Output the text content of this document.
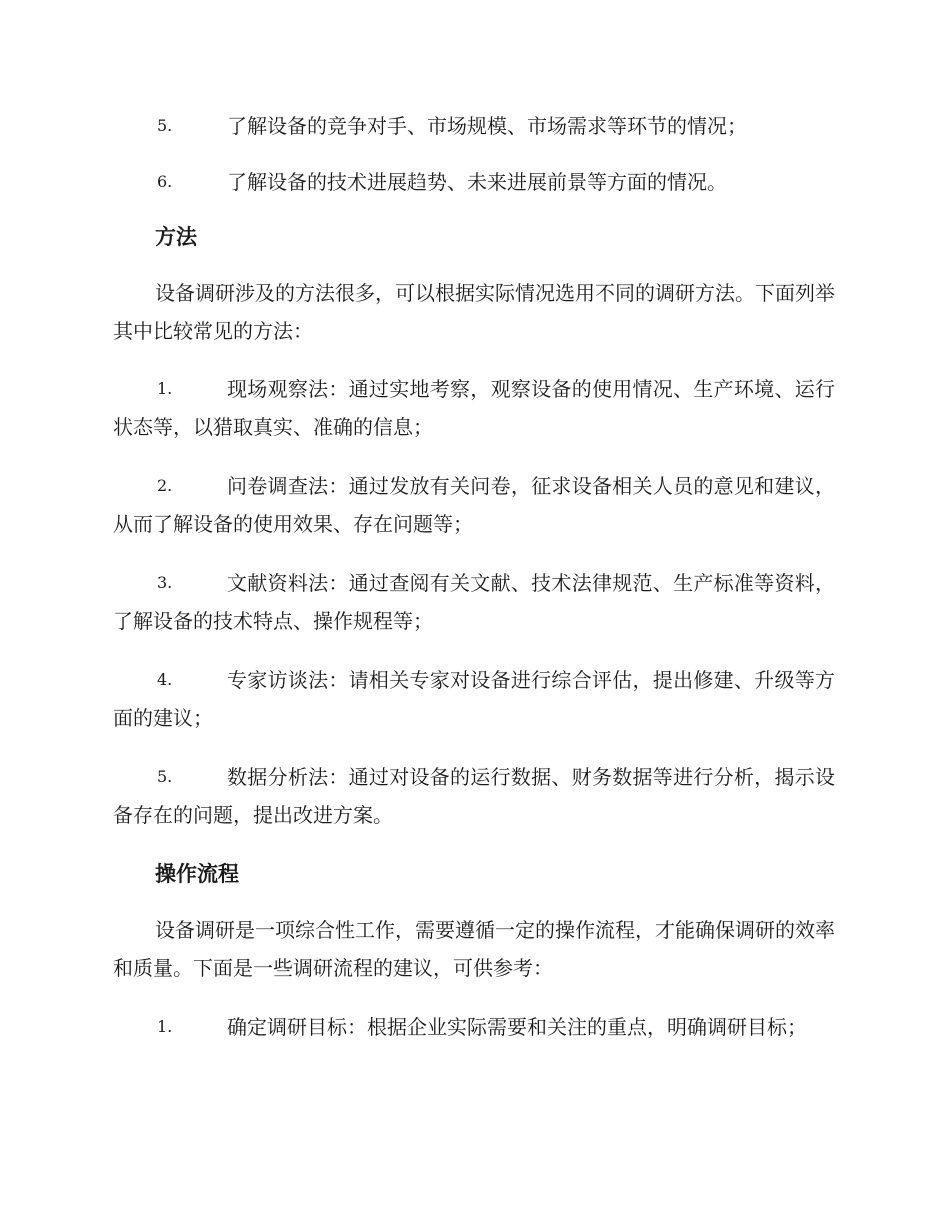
5.	了解设备的竞争对手、市场规模、市场需求等环节的情况；
6.	了解设备的技术进展趋势、未来进展前景等方面的情况。
方法
设备调研涉及的方法很多，可以根据实际情况选用不同的调研方法。下面列举其中比较常见的方法：
1.	现场观察法：通过实地考察，观察设备的使用情况、生产环境、运行状态等，以猎取真实、准确的信息；
2.	问卷调查法：通过发放有关问卷，征求设备相关人员的意见和建议，从而了解设备的使用效果、存在问题等；
3.	文献资料法：通过查阅有关文献、技术法律规范、生产标准等资料，了解设备的技术特点、操作规程等；
4.	专家访谈法：请相关专家对设备进行综合评估，提出修建、升级等方面的建议；
5.	数据分析法：通过对设备的运行数据、财务数据等进行分析，揭示设备存在的问题，提出改进方案。
操作流程
设备调研是一项综合性工作，需要遵循一定的操作流程，才能确保调研的效率和质量。下面是一些调研流程的建议，可供参考：
1.	确定调研目标：根据企业实际需要和关注的重点，明确调研目标；
